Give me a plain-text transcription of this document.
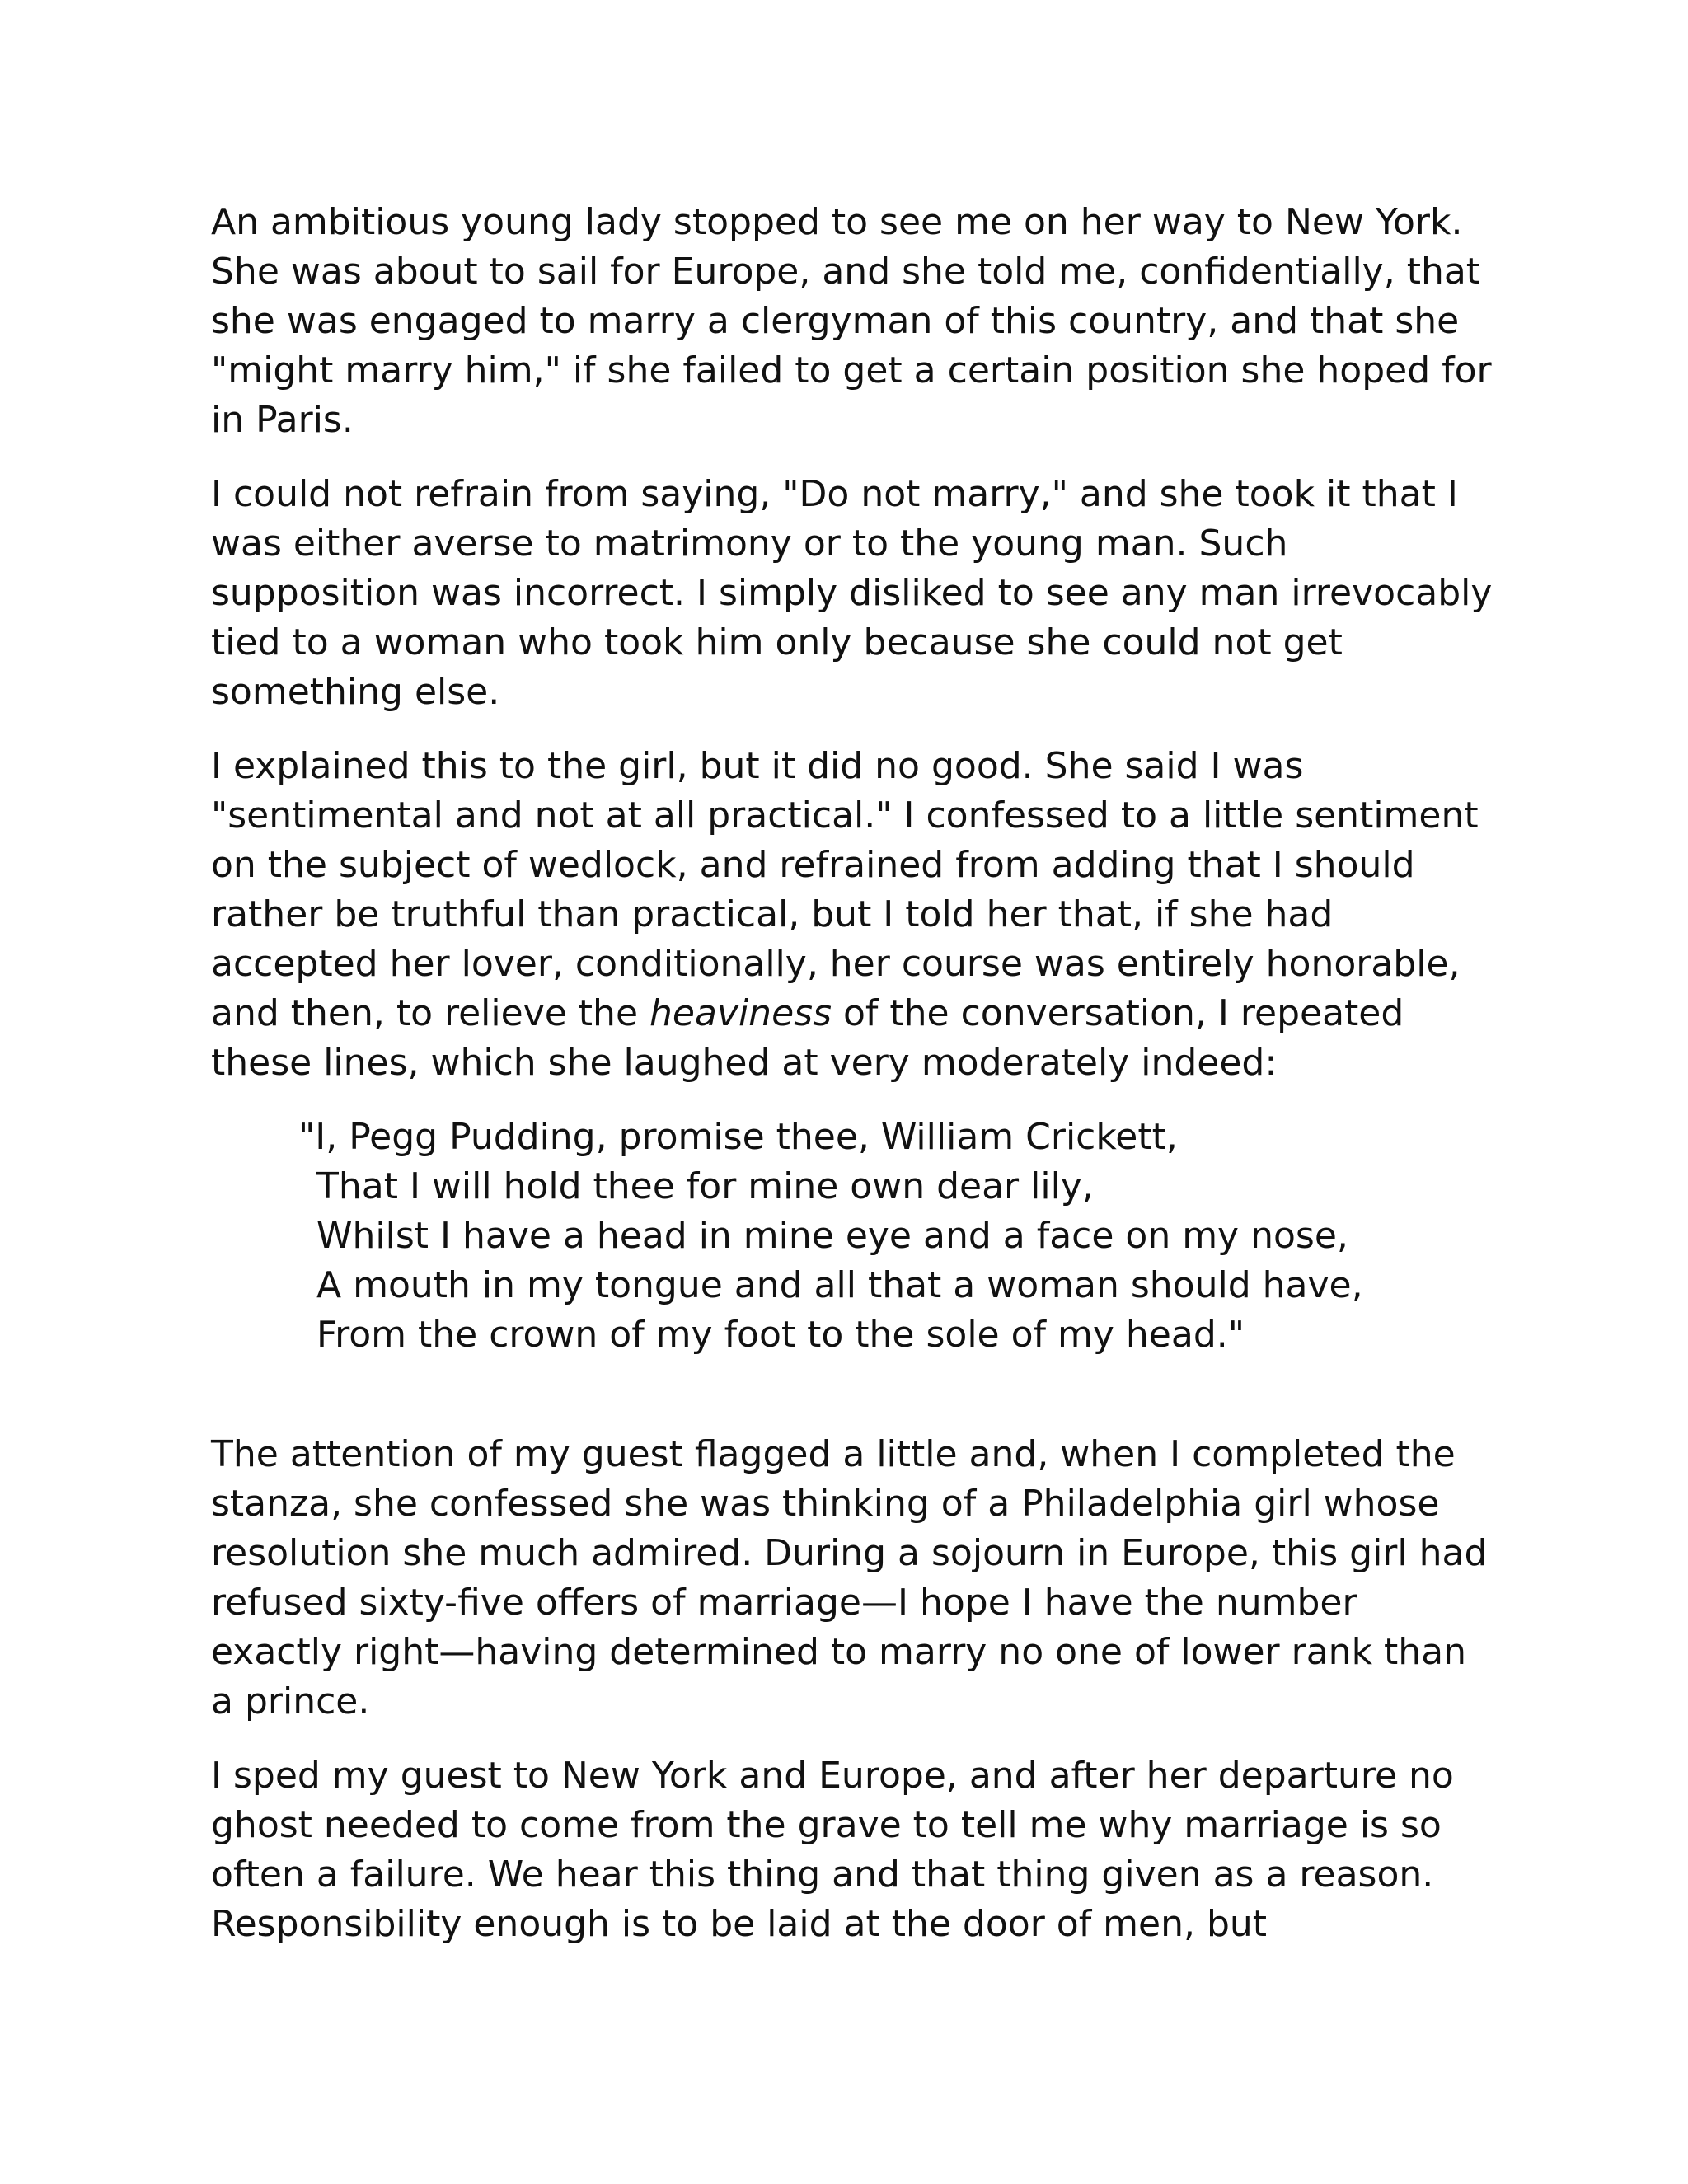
An ambitious young lady stopped to see me on her way to New York. She was about to sail for Europe, and she told me, confidentially, that she was engaged to marry a clergyman of this country, and that she "might marry him," if she failed to get a certain position she hoped for in Paris.

I could not refrain from saying, "Do not marry," and she took it that I was either averse to matrimony or to the young man. Such supposition was incorrect. I simply disliked to see any man irrevocably tied to a woman who took him only because she could not get something else.

I explained this to the girl, but it did no good. She said I was "sentimental and not at all practical." I confessed to a little sentiment on the subject of wedlock, and refrained from adding that I should rather be truthful than practical, but I told her that, if she had accepted her lover, conditionally, her course was entirely honorable, and then, to relieve the heaviness of the conversation, I repeated these lines, which she laughed at very moderately indeed:

"I, Pegg Pudding, promise thee, William Crickett,
That I will hold thee for mine own dear lily,
Whilst I have a head in mine eye and a face on my nose,
A mouth in my tongue and all that a woman should have,
From the crown of my foot to the sole of my head."

The attention of my guest flagged a little and, when I completed the stanza, she confessed she was thinking of a Philadelphia girl whose resolution she much admired. During a sojourn in Europe, this girl had refused sixty-five offers of marriage—I hope I have the number exactly right—having determined to marry no one of lower rank than a prince.

I sped my guest to New York and Europe, and after her departure no ghost needed to come from the grave to tell me why marriage is so often a failure. We hear this thing and that thing given as a reason. Responsibility enough is to be laid at the door of men, but
